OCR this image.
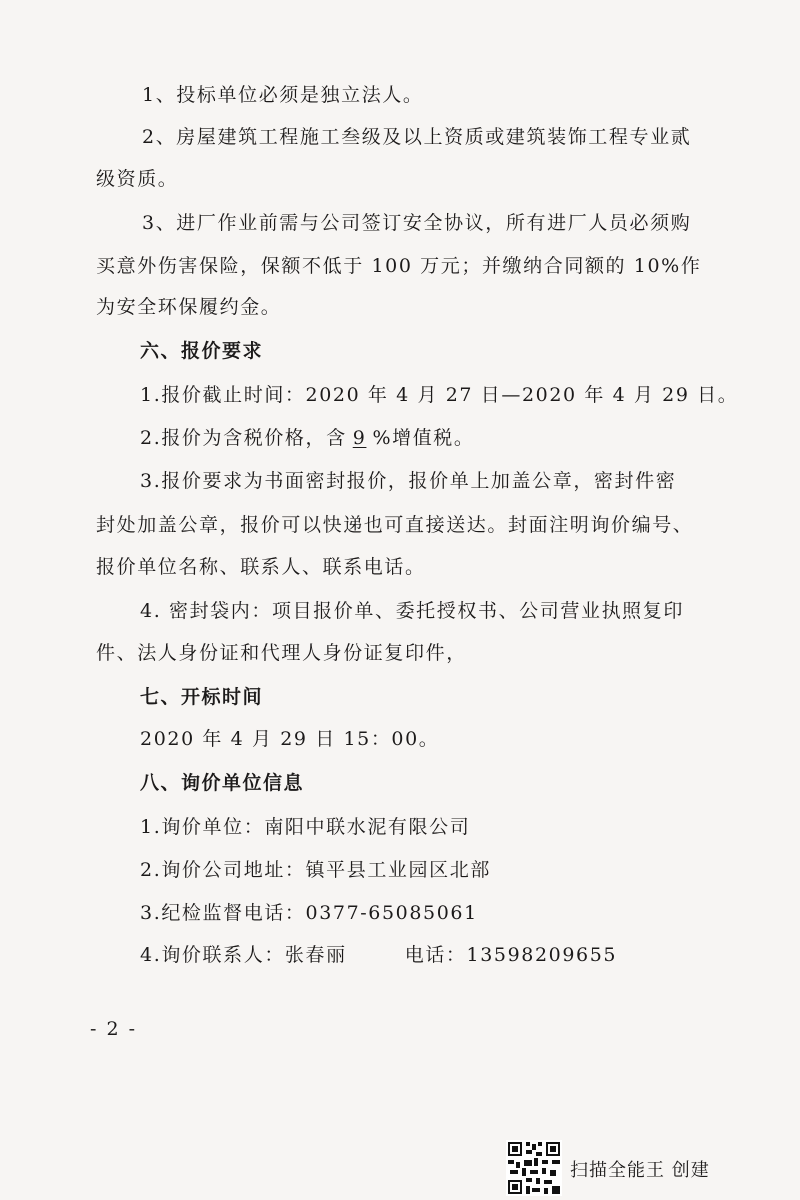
1、投标单位必须是独立法人。
2、房屋建筑工程施工叁级及以上资质或建筑装饰工程专业贰
级资质。
3、进厂作业前需与公司签订安全协议，所有进厂人员必须购
买意外伤害保险，保额不低于 100 万元；并缴纳合同额的 10%作
为安全环保履约金。
六、报价要求
1.报价截止时间：2020 年 4 月 27 日—2020 年 4 月 29 日。
2.报价为含税价格，含 9 %增值税。
3.报价要求为书面密封报价，报价单上加盖公章，密封件密
封处加盖公章，报价可以快递也可直接送达。封面注明询价编号、
报价单位名称、联系人、联系电话。
4. 密封袋内：项目报价单、委托授权书、公司营业执照复印
件、法人身份证和代理人身份证复印件，
七、开标时间
2020 年 4 月 29 日 15：00。
八、询价单位信息
1.询价单位：南阳中联水泥有限公司
2.询价公司地址：镇平县工业园区北部
3.纪检监督电话：0377-65085061
4.询价联系人：张春丽	电话：13598209655
- 2 -
扫描全能王 创建
